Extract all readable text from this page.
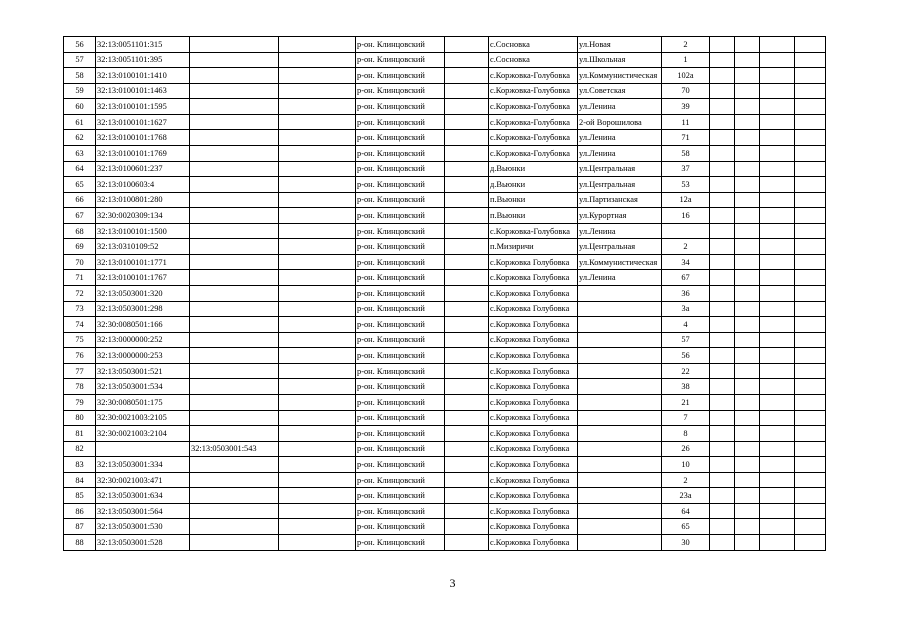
56	32:13:0051101:315			р-он. Клинцовский		с.Сосновка	ул.Новая	2				
57	32:13:0051101:395			р-он. Клинцовский		с.Сосновка	ул.Школьная	1				
58	32:13:0100101:1410			р-он. Клинцовский		с.Коржовка-Голубовка	ул.Коммунистическая	102а				
59	32:13:0100101:1463			р-он. Клинцовский		с.Коржовка-Голубовка	ул.Советская	70				
60	32:13:0100101:1595			р-он. Клинцовский		с.Коржовка-Голубовка	ул.Ленина	39				
61	32:13:0100101:1627			р-он. Клинцовский		с.Коржовка-Голубовка	2-ой Ворошилова	11				
62	32:13:0100101:1768			р-он. Клинцовский		с.Коржовка-Голубовка	ул.Ленина	71				
63	32:13:0100101:1769			р-он. Клинцовский		с.Коржовка-Голубовка	ул.Ленина	58				
64	32:13:0100601:237			р-он. Клинцовский		д.Вьюнки	ул.Центральная	37				
65	32:13:0100603:4			р-он. Клинцовский		д.Вьюнки	ул.Центральная	53				
66	32:13:0100801:280			р-он. Клинцовский		п.Вьюнки	ул.Партизанская	12а				
67	32:30:0020309:134			р-он. Клинцовский		п.Вьюнки	ул.Курортная	16				
68	32:13:0100101:1500			р-он. Клинцовский		с.Коржовка-Голубовка	ул.Ленина					
69	32:13:0310109:52			р-он. Клинцовский		п.Мизиричи	ул.Центральная	2				
70	32:13:0100101:1771			р-он. Клинцовский		с.Коржовка Голубовка	ул.Коммунистическая	34				
71	32:13:0100101:1767			р-он. Клинцовский		с.Коржовка Голубовка	ул.Ленина	67				
72	32:13:0503001:320			р-он. Клинцовский		с.Коржовка Голубовка		36				
73	32:13:0503001:298			р-он. Клинцовский		с.Коржовка Голубовка		3а				
74	32:30:0080501:166			р-он. Клинцовский		с.Коржовка Голубовка		4				
75	32:13:0000000:252			р-он. Клинцовский		с.Коржовка Голубовка		57				
76	32:13:0000000:253			р-он. Клинцовский		с.Коржовка Голубовка		56				
77	32:13:0503001:521			р-он. Клинцовский		с.Коржовка Голубовка		22				
78	32:13:0503001:534			р-он. Клинцовский		с.Коржовка Голубовка		38				
79	32:30:0080501:175			р-он. Клинцовский		с.Коржовка Голубовка		21				
80	32:30:0021003:2105			р-он. Клинцовский		с.Коржовка Голубовка		7				
81	32:30:0021003:2104			р-он. Клинцовский		с.Коржовка Голубовка		8				
82		32:13:0503001:543		р-он. Клинцовский		с.Коржовка Голубовка		26				
83	32:13:0503001:334			р-он. Клинцовский		с.Коржовка Голубовка		10				
84	32:30:0021003:471			р-он. Клинцовский		с.Коржовка Голубовка		2				
85	32:13:0503001:634			р-он. Клинцовский		с.Коржовка Голубовка		23а				
86	32:13:0503001:564			р-он. Клинцовский		с.Коржовка Голубовка		64				
87	32:13:0503001:530			р-он. Клинцовский		с.Коржовка Голубовка		65				
88	32:13:0503001:528			р-он. Клинцовский		с.Коржовка Голубовка		30				
3
